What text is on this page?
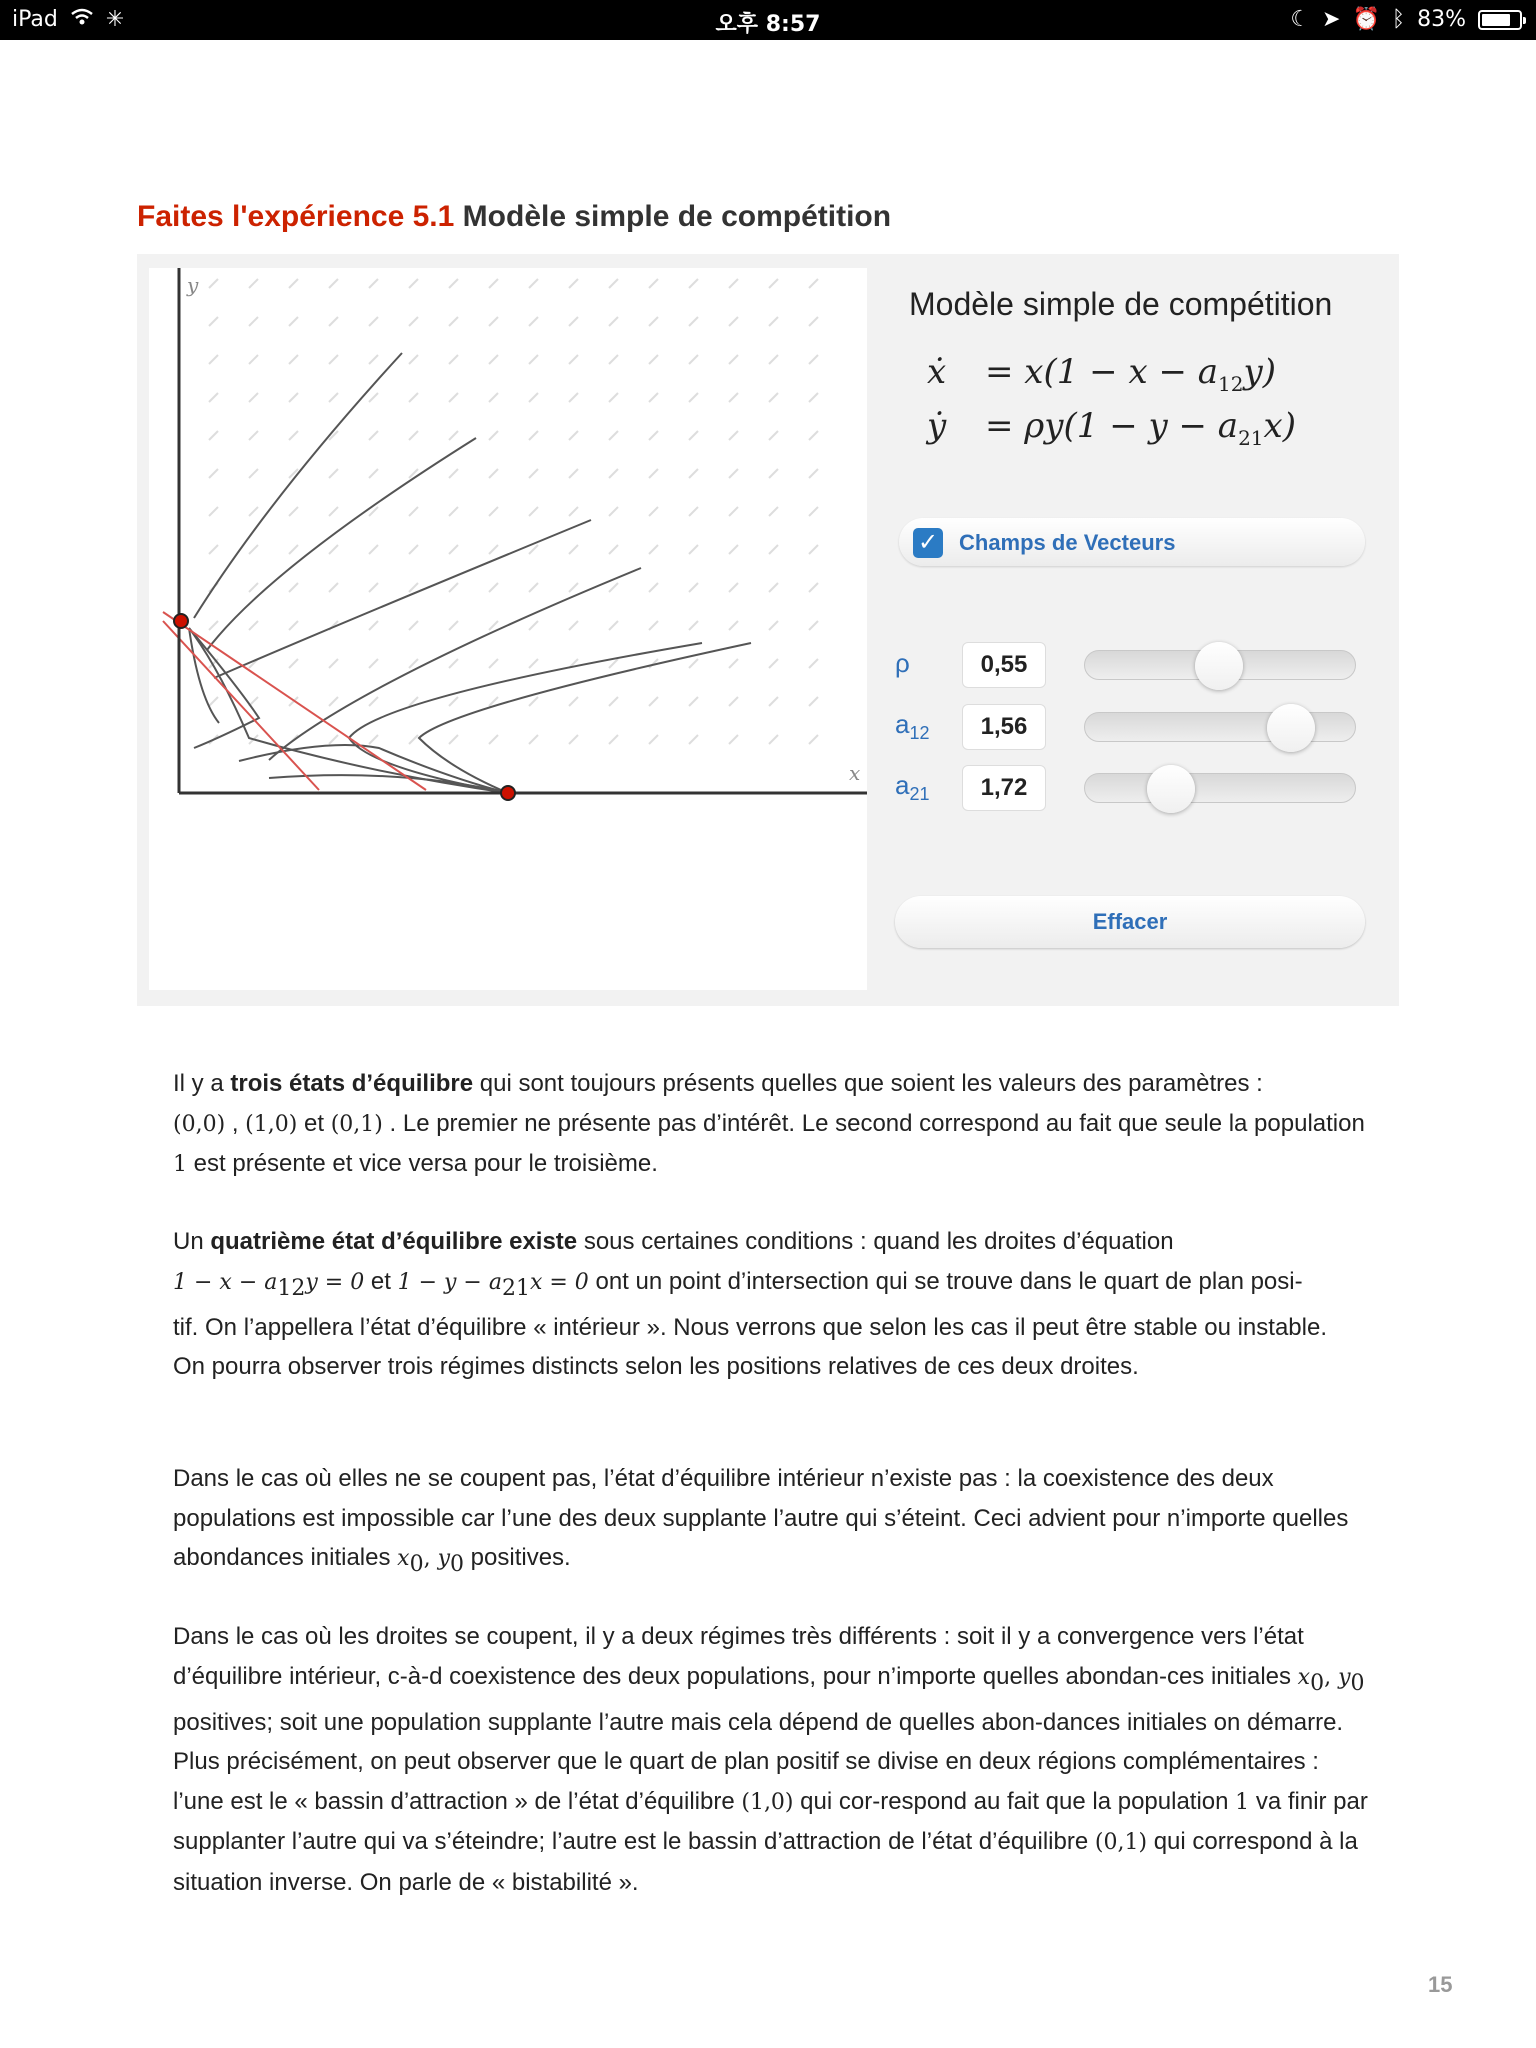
iPad ✳	오후 8:57	☾ ➤ ⏰ ᛒ 83%
Faites l'expérience 5.1 Modèle simple de compétition
y
x
Modèle simple de compétition
ẋ = $x(1 - x - a_{12}y)$
ẏ = $\rho y(1 - y - a_{21}x)$
✓ Champs de Vecteurs
ρ	0,55
$a_{12}$	1,56
$a_{21}$	1,72
Effacer
Il y a trois états d’équilibre qui sont toujours présents quelles que soient les valeurs des paramètres :
(0,0) , (1,0) et (0,1) . Le premier ne présente pas d’intérêt. Le second correspond au fait que seule la population 1 est présente et vice versa pour le troisième.
Un quatrième état d’équilibre existe sous certaines conditions : quand les droites d’équation
$1 - x - a_{12}y = 0$ et $1 - y - a_{21}x = 0$ ont un point d’intersection qui se trouve dans le quart de plan posi-
tif. On l’appellera l’état d’équilibre « intérieur ». Nous verrons que selon les cas il peut être stable ou instable.
On pourra observer trois régimes distincts selon les positions relatives de ces deux droites.
Dans le cas où elles ne se coupent pas, l’état d’équilibre intérieur n’existe pas : la coexistence des deux populations est impossible car l’une des deux supplante l’autre qui s’éteint. Ceci advient pour n’importe quelles abondances initiales $x_0$, $y_0$ positives.
Dans le cas où les droites se coupent, il y a deux régimes très différents : soit il y a convergence vers l’état d’équilibre intérieur, c-à-d coexistence des deux populations, pour n’importe quelles abondan-ces initiales $x_0$, $y_0$ positives; soit une population supplante l’autre mais cela dépend de quelles abon-dances initiales on démarre. Plus précisément, on peut observer que le quart de plan positif se divise en deux régions complémentaires : l’une est le « bassin d’attraction » de l’état d’équilibre (1,0) qui cor-respond au fait que la population 1 va finir par supplanter l’autre qui va s’éteindre; l’autre est le bassin d’attraction de l’état d’équilibre (0,1) qui correspond à la situation inverse. On parle de « bistabilité ».
15
